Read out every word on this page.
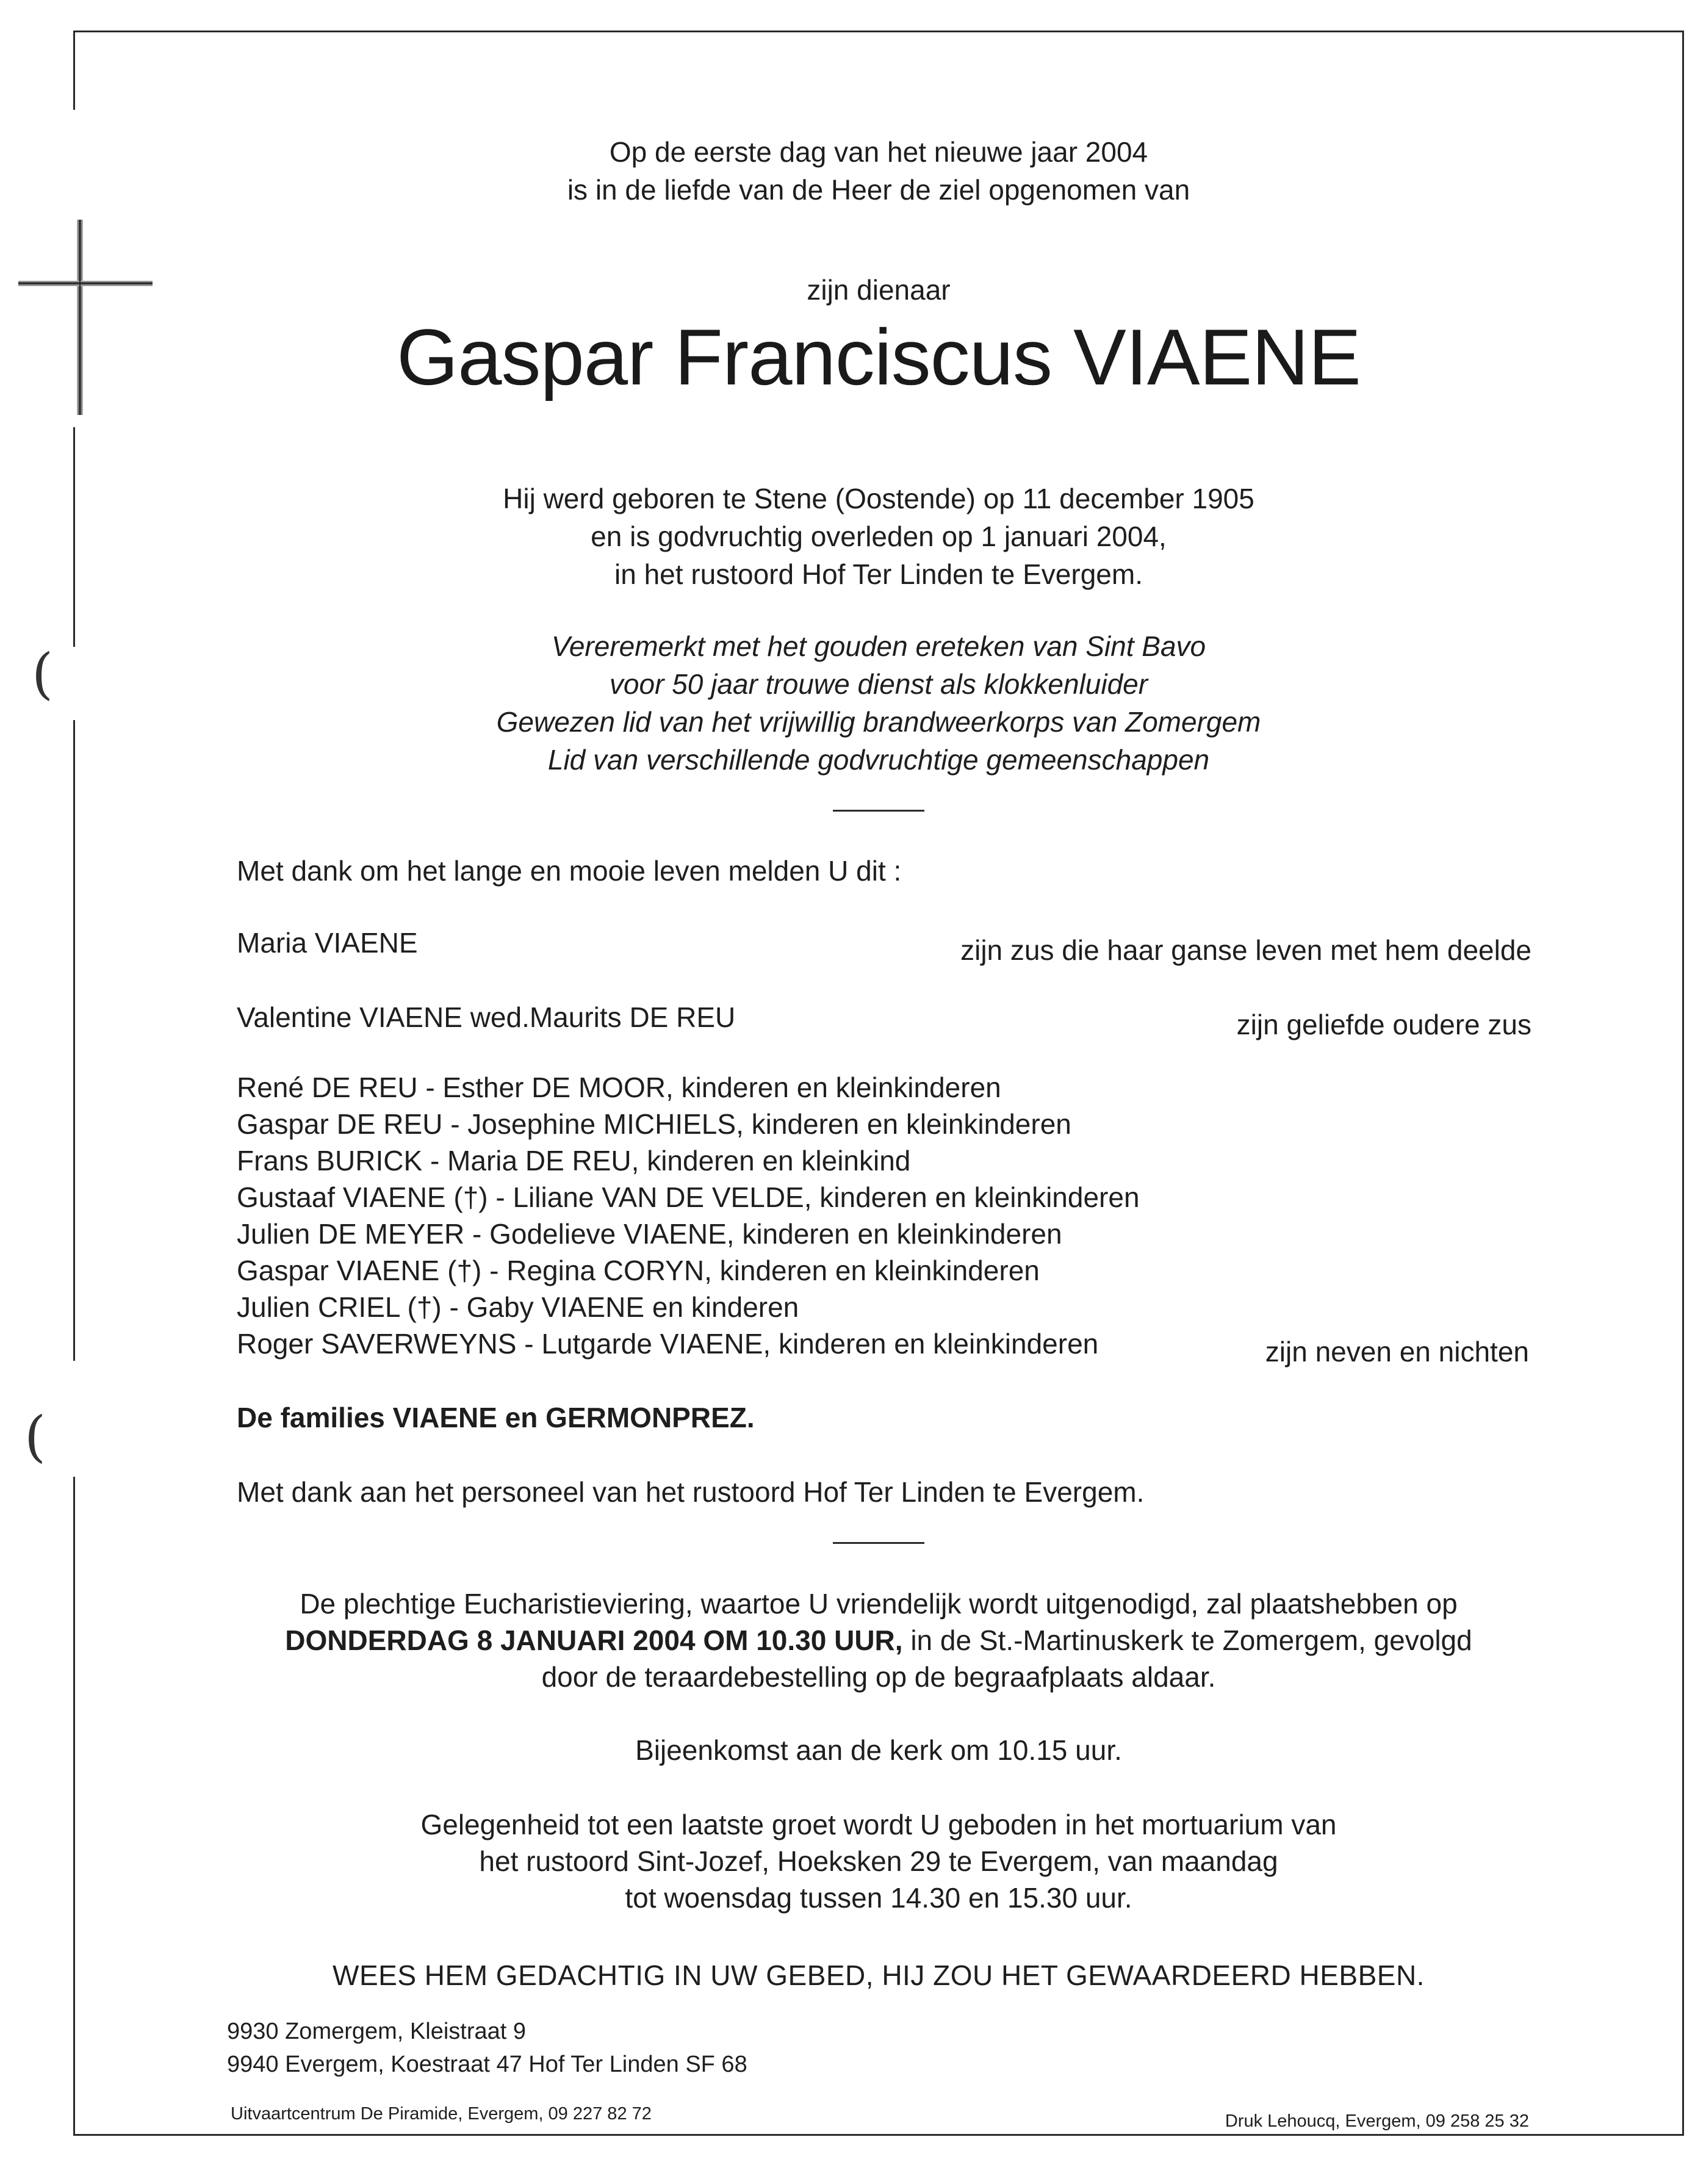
(
(
Op de eerste dag van het nieuwe jaar 2004
is in de liefde van de Heer de ziel opgenomen van
zijn dienaar
Gaspar Franciscus VIAENE
Hij werd geboren te Stene (Oostende) op 11 december 1905
en is godvruchtig overleden op 1 januari 2004,
in het rustoord Hof Ter Linden te Evergem.
Vereremerkt met het gouden ereteken van Sint Bavo
voor 50 jaar trouwe dienst als klokkenluider
Gewezen lid van het vrijwillig brandweerkorps van Zomergem
Lid van verschillende godvruchtige gemeenschappen
Met dank om het lange en mooie leven melden U dit :
Maria VIAENE	zijn zus die haar ganse leven met hem deelde
Valentine VIAENE wed.Maurits DE REU	zijn geliefde oudere zus
René DE REU - Esther DE MOOR, kinderen en kleinkinderen
Gaspar DE REU - Josephine MICHIELS, kinderen en kleinkinderen
Frans BURICK - Maria DE REU, kinderen en kleinkind
Gustaaf VIAENE (†) - Liliane VAN DE VELDE, kinderen en kleinkinderen
Julien DE MEYER - Godelieve VIAENE, kinderen en kleinkinderen
Gaspar VIAENE (†) - Regina CORYN, kinderen en kleinkinderen
Julien CRIEL (†) - Gaby VIAENE en kinderen
Roger SAVERWEYNS - Lutgarde VIAENE, kinderen en kleinkinderen	zijn neven en nichten
De families VIAENE en GERMONPREZ.
Met dank aan het personeel van het rustoord Hof Ter Linden te Evergem.
De plechtige Eucharistieviering, waartoe U vriendelijk wordt uitgenodigd, zal plaatshebben op
DONDERDAG 8 JANUARI 2004 OM 10.30 UUR, in de St.-Martinuskerk te Zomergem, gevolgd
door de teraardebestelling op de begraafplaats aldaar.
Bijeenkomst aan de kerk om 10.15 uur.
Gelegenheid tot een laatste groet wordt U geboden in het mortuarium van
het rustoord Sint-Jozef, Hoeksken 29 te Evergem, van maandag
tot woensdag tussen 14.30 en 15.30 uur.
WEES HEM GEDACHTIG IN UW GEBED, HIJ ZOU HET GEWAARDEERD HEBBEN.
9930 Zomergem, Kleistraat 9
9940 Evergem, Koestraat 47 Hof Ter Linden SF 68
Uitvaartcentrum De Piramide, Evergem, 09 227 82 72	Druk Lehoucq, Evergem, 09 258 25 32
